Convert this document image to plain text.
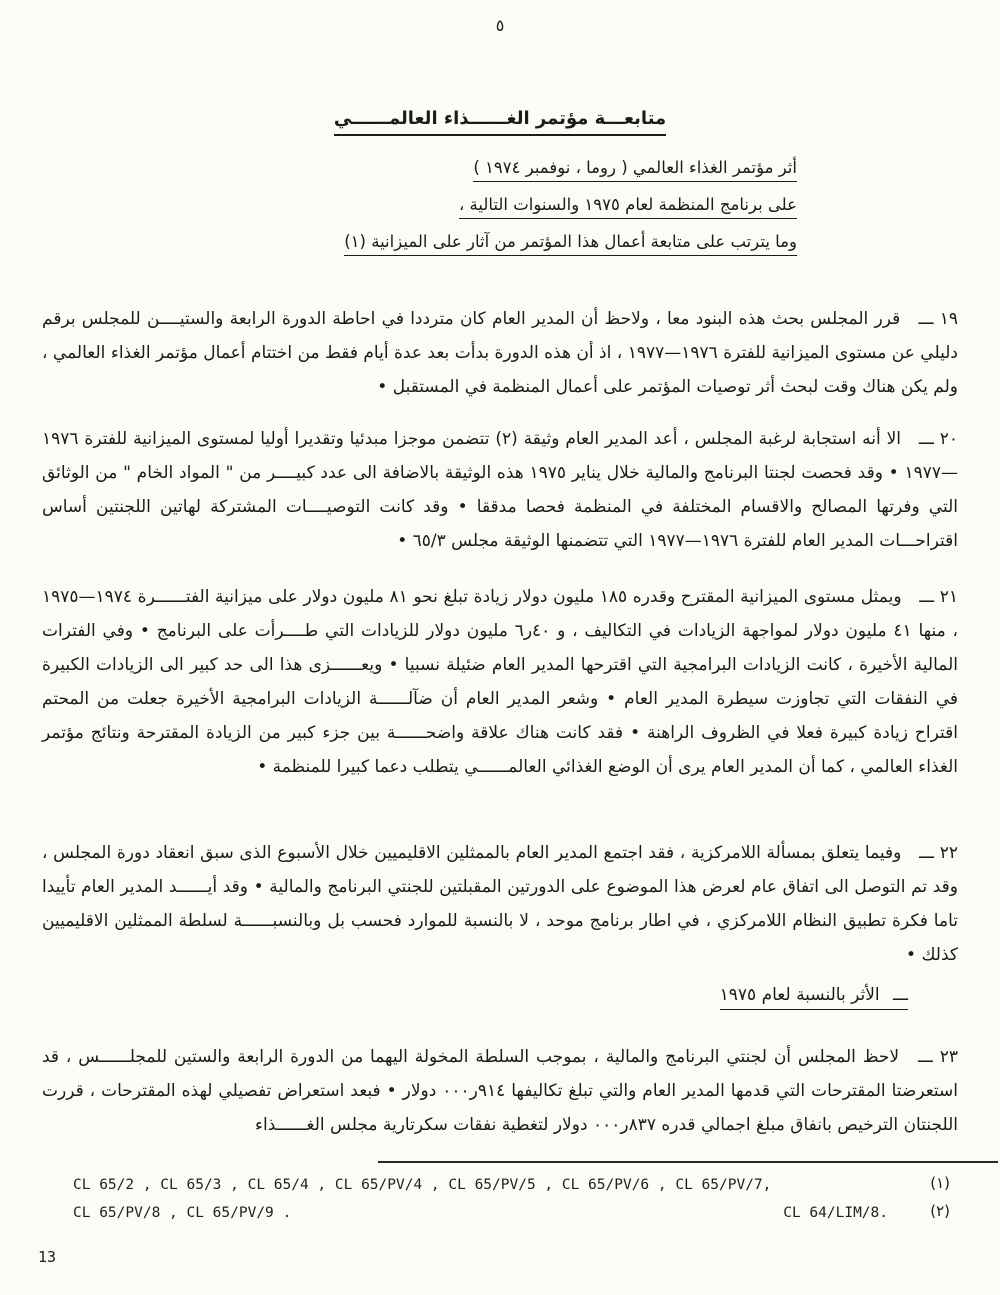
٥
متابعـــة مؤتمر الغــــــذاء العالمــــــي
أثر مؤتمر الغذاء العالمي ( روما ، نوفمبر ١٩٧٤ )
على برنامج المنظمة لعام ١٩٧٥ والسنوات التالية ،
وما يترتب على متابعة أعمال هذا المؤتمر من آثار على الميزانية (١)

١٩ ـــ قرر المجلس بحث هذه البنود معا ، ولاحظ أن المدير العام كان مترددا في احاطة الدورة الرابعة والستيــــن للمجلس برقم دليلي عن مستوى الميزانية للفترة ١٩٧٦—١٩٧٧ ، اذ أن هذه الدورة بدأت بعد عدة أيام فقط من اختتام أعمال مؤتمر الغذاء العالمي ، ولم يكن هناك وقت لبحث أثر توصيات المؤتمر على أعمال المنظمة في المستقبل •

٢٠ ـــ الا أنه استجابة لرغبة المجلس ، أعد المدير العام وثيقة (٢) تتضمن موجزا مبدئيا وتقديرا أوليا لمستوى الميزانية للفترة ١٩٧٦—١٩٧٧ • وقد فحصت لجنتا البرنامج والمالية خلال يناير ١٩٧٥ هذه الوثيقة بالاضافة الى عدد كبيــــر من " المواد الخام " من الوثائق التي وفرتها المصالح والاقسام المختلفة في المنظمة فحصا مدققا • وقد كانت التوصيــــات المشتركة لهاتين اللجنتين أساس اقتراحـــات المدير العام للفترة ١٩٧٦—١٩٧٧ التي تتضمنها الوثيقة مجلس ٦٥/٣ •

٢١ ـــ ويمثل مستوى الميزانية المقترح وقدره ١٨٥ مليون دولار زيادة تبلغ نحو ٨١ مليون دولار على ميزانية الفتــــــرة ١٩٧٤—١٩٧٥ ، منها ٤١ مليون دولار لمواجهة الزيادات في التكاليف ، و ٤٠ر٦ مليون دولار للزيادات التي طــــرأت على البرنامج • وفي الفترات المالية الأخيرة ، كانت الزيادات البرامجية التي اقترحها المدير العام ضئيلة نسبيا • ويعــــــزى هذا الى حد كبير الى الزيادات الكبيرة في النفقات التي تجاوزت سيطرة المدير العام • وشعر المدير العام أن ضآلــــــة الزيادات البرامجية الأخيرة جعلت من المحتم اقتراح زيادة كبيرة فعلا في الظروف الراهنة • فقد كانت هناك علاقة واضحــــــة بين جزء كبير من الزيادة المقترحة ونتائج مؤتمر الغذاء العالمي ، كما أن المدير العام يرى أن الوضع الغذائي العالمــــــي يتطلب دعما كبيرا للمنظمة •

٢٢ ـــ وفيما يتعلق بمسألة اللامركزية ، فقد اجتمع المدير العام بالممثلين الاقليميين خلال الأسبوع الذى سبق انعقاد دورة المجلس ، وقد تم التوصل الى اتفاق عام لعرض هذا الموضوع على الدورتين المقبلتين للجنتي البرنامج والمالية • وقد أيــــــد المدير العام تأييدا تاما فكرة تطبيق النظام اللامركزي ، في اطار برنامج موحد ، لا بالنسبة للموارد فحسب بل وبالنسبــــــة لسلطة الممثلين الاقليميين كذلك •

ـــ الأثر بالنسبة لعام ١٩٧٥

٢٣ ـــ لاحظ المجلس أن لجنتي البرنامج والمالية ، بموجب السلطة المخولة اليهما من الدورة الرابعة والستين للمجلــــــس ، قد استعرضتا المقترحات التي قدمها المدير العام والتي تبلغ تكاليفها ٩١٤ر٠٠٠ دولار • فبعد استعراض تفصيلي لهذه المقترحات ، قررت اللجنتان الترخيص بانفاق مبلغ اجمالي قدره ٨٣٧ر٠٠٠ دولار لتغطية نفقات سكرتارية مجلس الغــــــذاء

(١)
CL 65/2 , CL 65/3 , CL 65/4 , CL 65/PV/4 , CL 65/PV/5 , CL 65/PV/6 , CL 65/PV/7,
CL 65/PV/8 , CL 65/PV/9 .	(٢)
CL 64/LIM/8.
13
